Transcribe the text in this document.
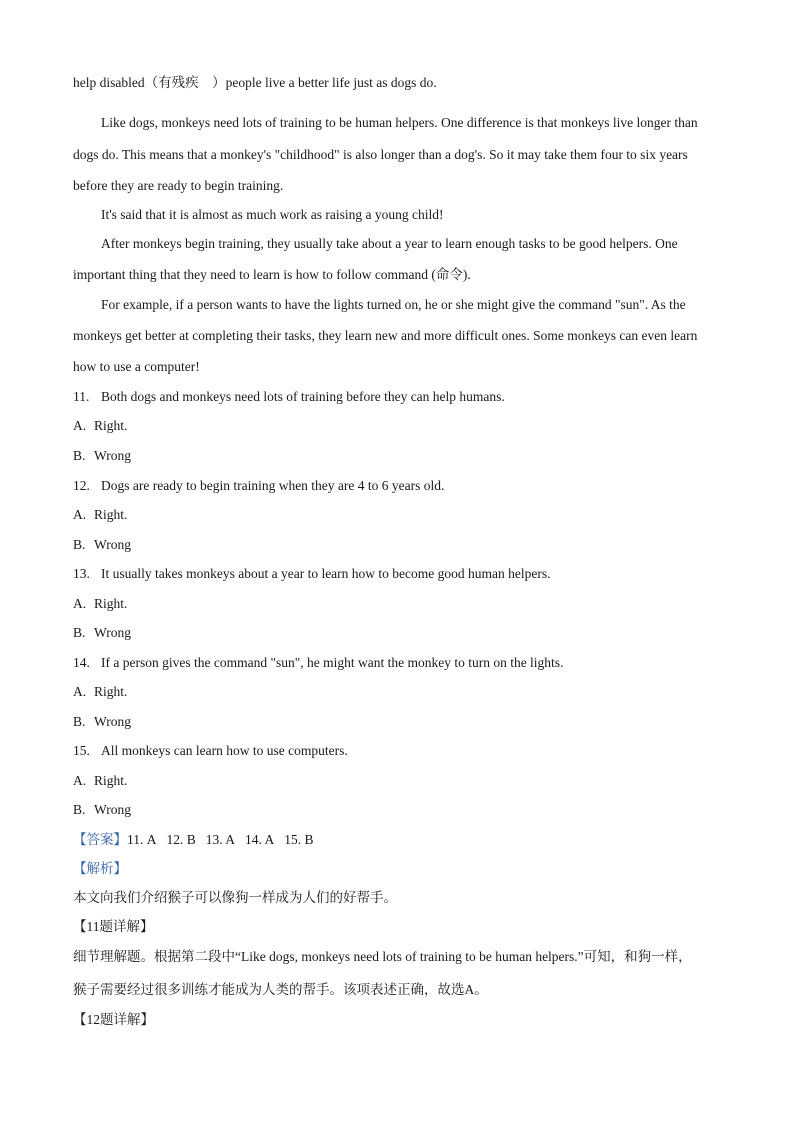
help disabled（有残疾    ）people live a better life just as dogs do.
Like dogs, monkeys need lots of training to be human helpers. One difference is that monkeys live longer than
dogs do. This means that a monkey's "childhood" is also longer than a dog's. So it may take them four to six years
before they are ready to begin training.
It's said that it is almost as much work as raising a young child!
After monkeys begin training, they usually take about a year to learn enough tasks to be good helpers. One
important thing that they need to learn is how to follow command (命令).
For example, if a person wants to have the lights turned on, he or she might give the command "sun". As the
monkeys get better at completing their tasks, they learn new and more difficult ones. Some monkeys can even learn
how to use a computer!
11. Both dogs and monkeys need lots of training before they can help humans.
A. Right.
B. Wrong
12. Dogs are ready to begin training when they are 4 to 6 years old.
A. Right.
B. Wrong
13. It usually takes monkeys about a year to learn how to become good human helpers.
A. Right.
B. Wrong
14. If a person gives the command "sun", he might want the monkey to turn on the lights.
A. Right.
B. Wrong
15. All monkeys can learn how to use computers.
A. Right.
B. Wrong
【答案】11. A 12. B 13. A 14. A 15. B
【解析】
本文向我们介绍猴子可以像狗一样成为人们的好帮手。
【11题详解】
细节理解题。根据第二段中“Like dogs, monkeys need lots of training to be human helpers.”可知，和狗一样，
猴子需要经过很多训练才能成为人类的帮手。该项表述正确，故选A。
【12题详解】
